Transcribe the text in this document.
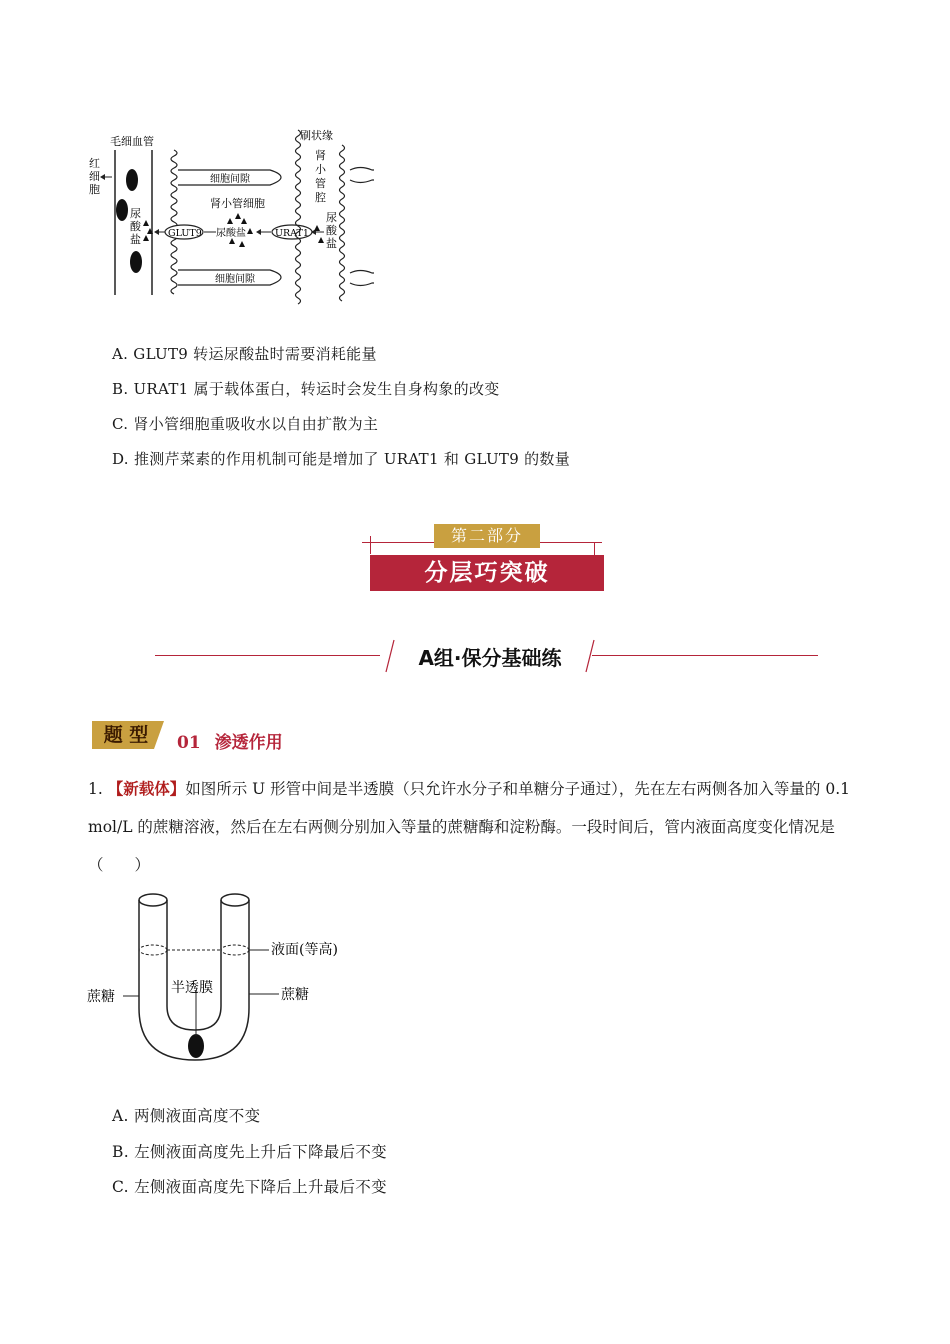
毛细血管
红
细
胞
尿
酸
盐
细胞间隙
细胞间隙
肾小管细胞
尿酸盐
GLUT9	URAT1
刷状缘
肾
小
管
腔
尿
酸
盐
A. GLUT9 转运尿酸盐时需要消耗能量
B. URAT1 属于载体蛋白，转运时会发生自身构象的改变
C. 肾小管细胞重吸收水以自由扩散为主
D. 推测芹菜素的作用机制可能是增加了 URAT1 和 GLUT9 的数量
第二部分
分层巧突破
A组·保分基础练
题 型	01 渗透作用
1. 【新载体】如图所示 U 形管中间是半透膜（只允许水分子和单糖分子通过），先在左右两侧各加入等量的 0.1 mol/L 的蔗糖溶液，然后在左右两侧分别加入等量的蔗糖酶和淀粉酶。一段时间后，管内液面高度变化情况是（　　）
液面(等高)
半透膜
蔗糖	蔗糖
A. 两侧液面高度不变
B. 左侧液面高度先上升后下降最后不变
C. 左侧液面高度先下降后上升最后不变
